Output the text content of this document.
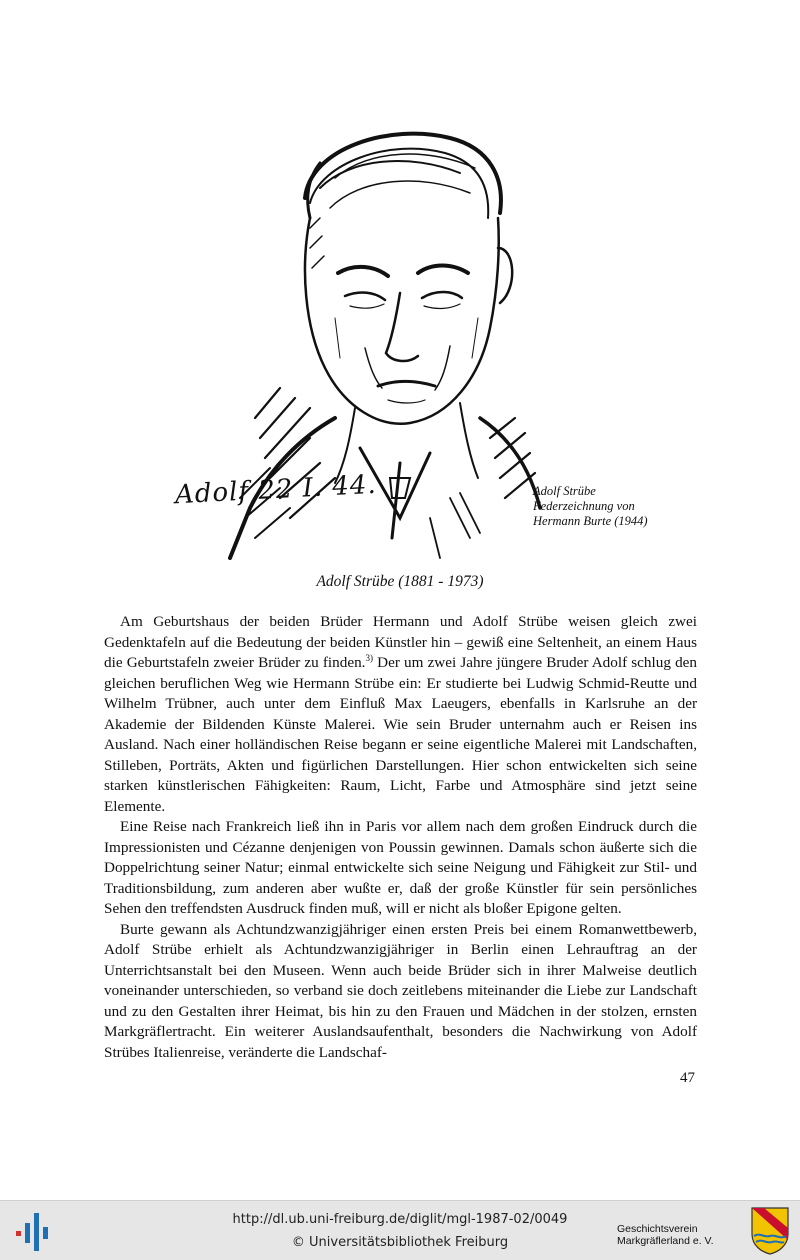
Adolf 22 I. 44.	Adolf Strübe
Federzeichnung von
Hermann Burte (1944)
Adolf Strübe (1881 - 1973)

Am Geburtshaus der beiden Brüder Hermann und Adolf Strübe weisen gleich zwei Gedenktafeln auf die Bedeutung der beiden Künstler hin – gewiß eine Seltenheit, an einem Haus die Geburtstafeln zweier Brüder zu finden.$^{3)}$ Der um zwei Jahre jüngere Bruder Adolf schlug den gleichen beruflichen Weg wie Hermann Strübe ein: Er studierte bei Ludwig Schmid-Reutte und Wilhelm Trübner, auch unter dem Einfluß Max Laeugers, ebenfalls in Karlsruhe an der Akademie der Bildenden Künste Malerei. Wie sein Bruder unternahm auch er Reisen ins Ausland. Nach einer holländischen Reise begann er seine eigentliche Malerei mit Landschaften, Stilleben, Porträts, Akten und figürlichen Darstellungen. Hier schon entwickelten sich seine starken künstlerischen Fähigkeiten: Raum, Licht, Farbe und Atmosphäre sind jetzt seine Elemente.

Eine Reise nach Frankreich ließ ihn in Paris vor allem nach dem großen Eindruck durch die Impressionisten und Cézanne denjenigen von Poussin gewinnen. Damals schon äußerte sich die Doppelrichtung seiner Natur; einmal entwickelte sich seine Neigung und Fähigkeit zur Stil- und Traditionsbildung, zum anderen aber wußte er, daß der große Künstler für sein persönliches Sehen den treffendsten Ausdruck finden muß, will er nicht als bloßer Epigone gelten.

Burte gewann als Achtundzwanzigjähriger einen ersten Preis bei einem Romanwettbewerb, Adolf Strübe erhielt als Achtundzwanzigjähriger in Berlin einen Lehrauftrag an der Unterrichtsanstalt bei den Museen. Wenn auch beide Brüder sich in ihrer Malweise deutlich voneinander unterschieden, so verband sie doch zeitlebens miteinander die Liebe zur Landschaft und zu den Gestalten ihrer Heimat, bis hin zu den Frauen und Mädchen in der stolzen, ernsten Markgräflertracht. Ein weiterer Auslandsaufenthalt, besonders die Nachwirkung von Adolf Strübes Italienreise, veränderte die Landschaf-

47
http://dl.ub.uni-freiburg.de/diglit/mgl-1987-02/0049
© Universitätsbibliothek Freiburg
Geschichtsverein
Markgräflerland e. V.
